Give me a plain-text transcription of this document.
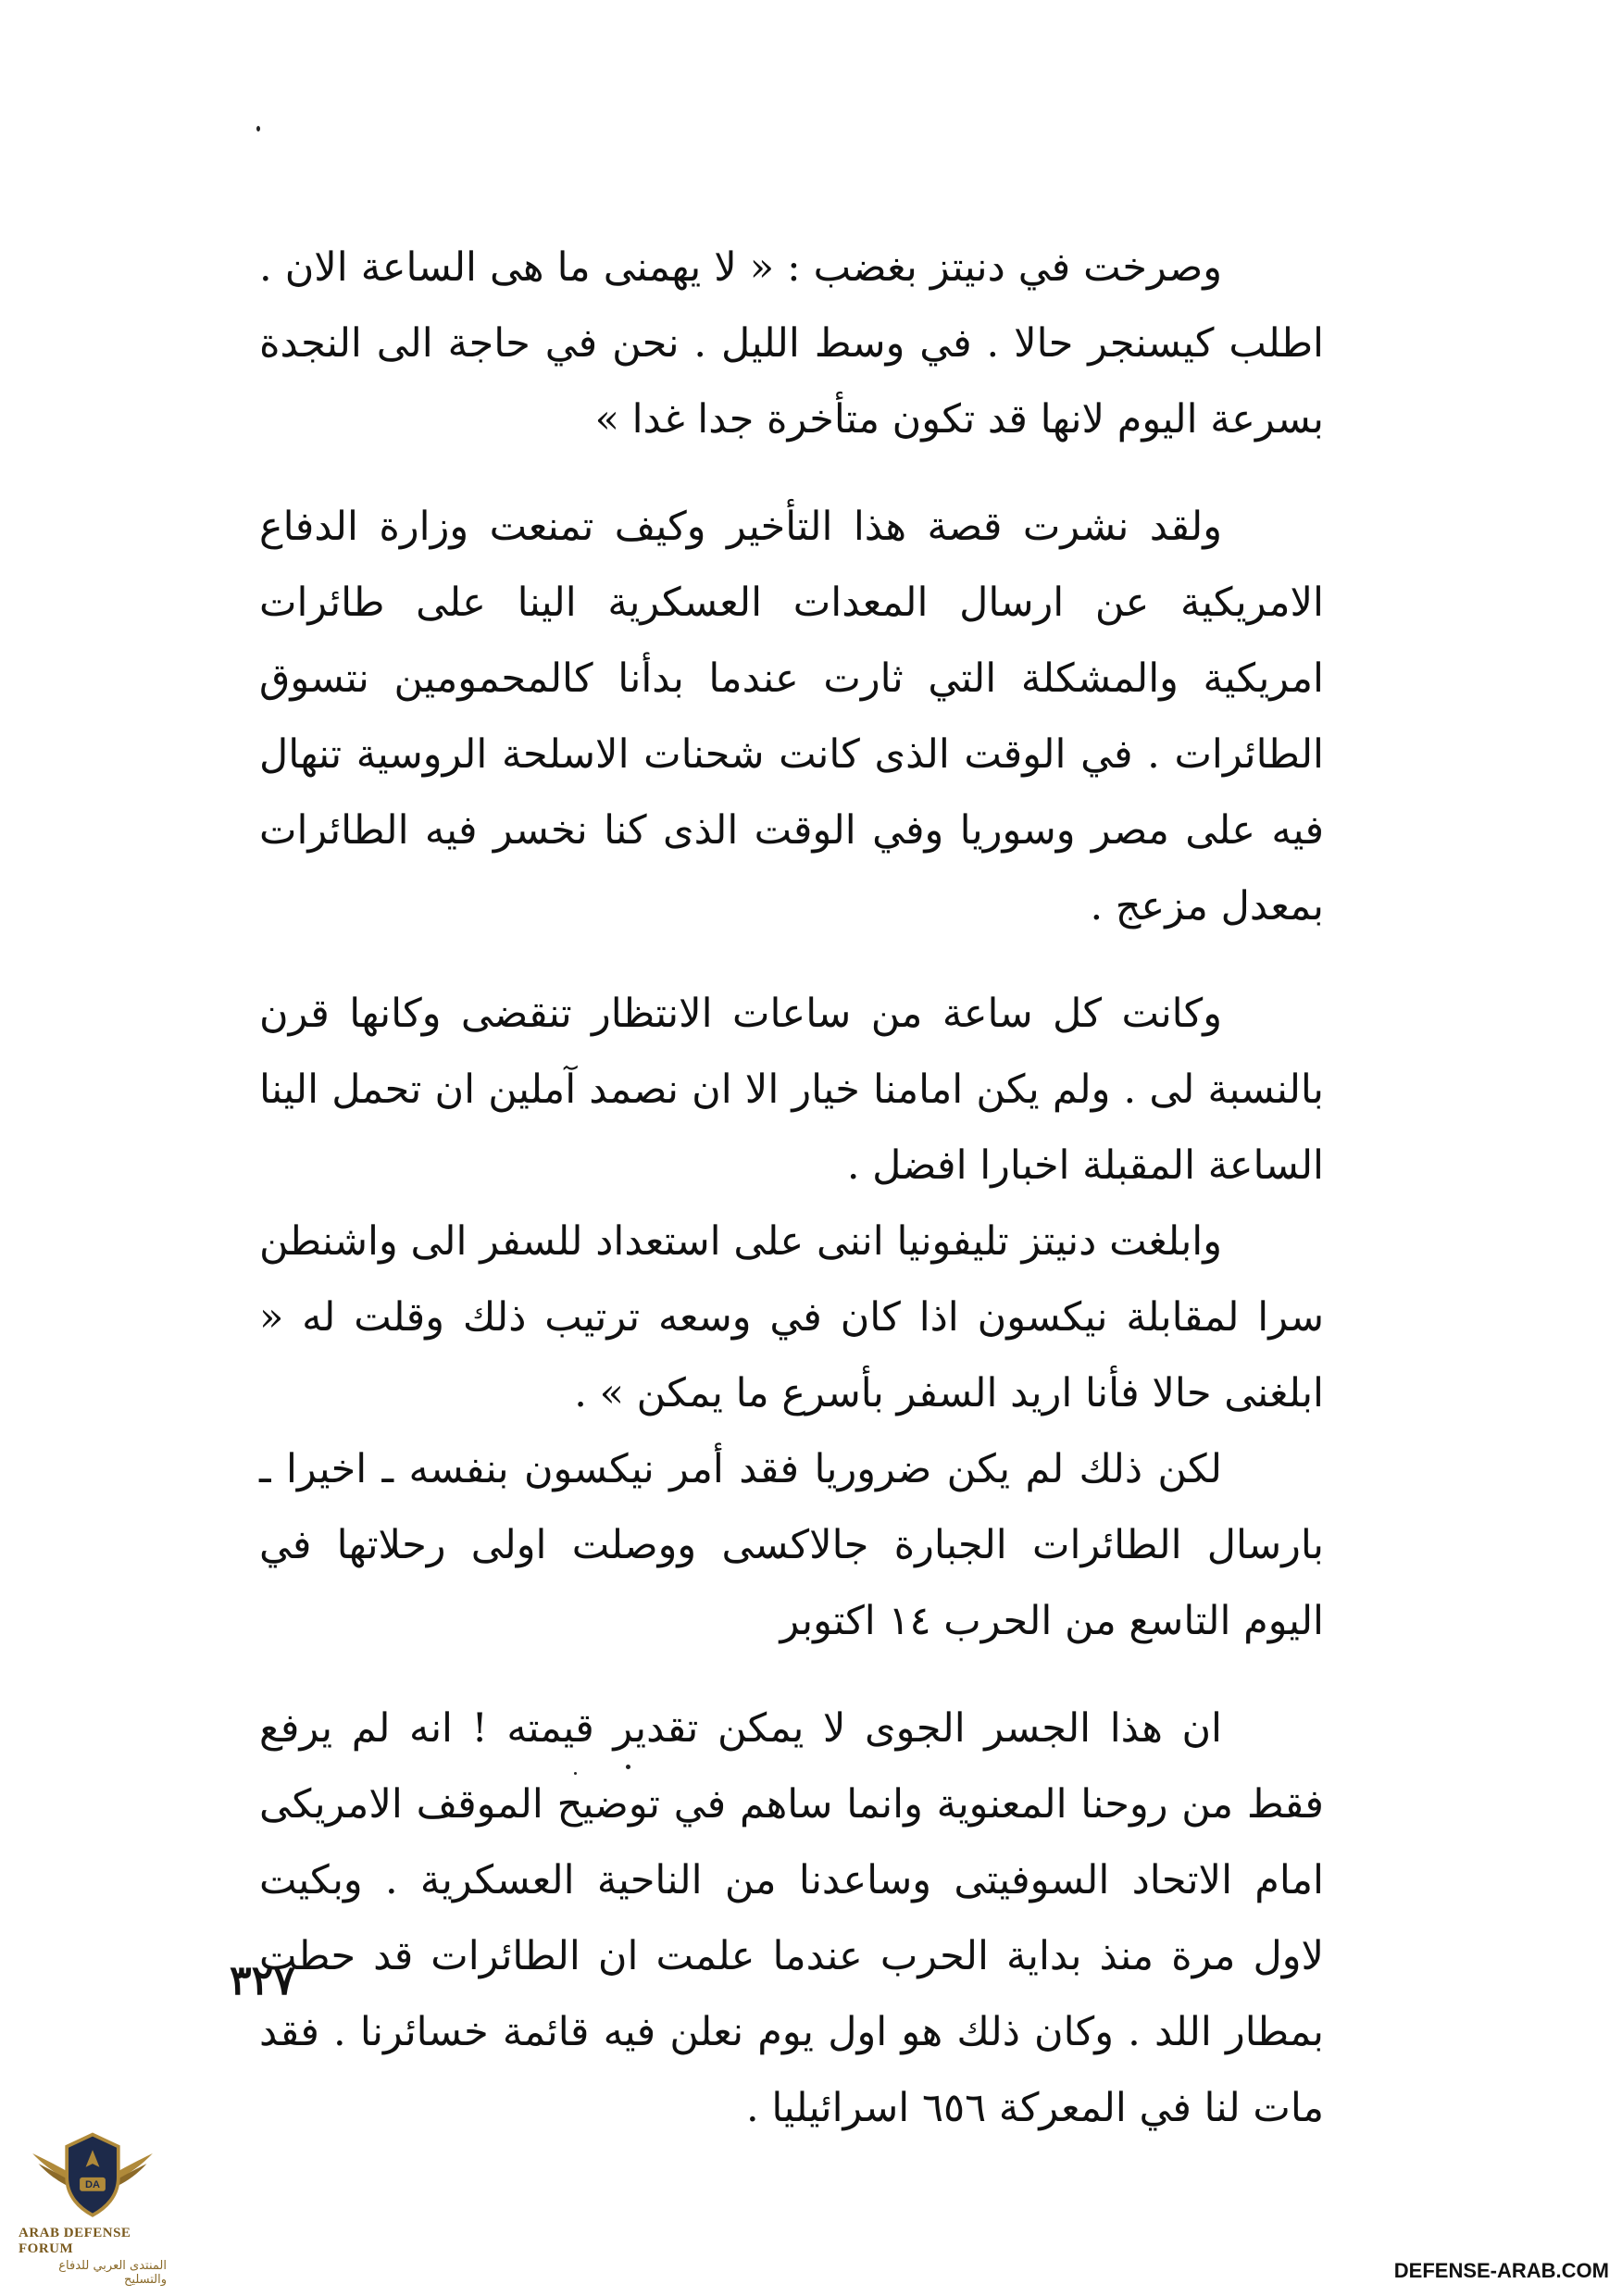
وصرخت في دنيتز بغضب : « لا يهمنى ما هى الساعة الان . اطلب كيسنجر حالا . في وسط الليل . نحن في حاجة الى النجدة بسرعة اليوم لانها قد تكون متأخرة جدا غدا »

ولقد نشرت قصة هذا التأخير وكيف تمنعت وزارة الدفاع الامريكية عن ارسال المعدات العسكرية الينا على طائرات امريكية والمشكلة التي ثارت عندما بدأنا كالمحمومين نتسوق الطائرات . في الوقت الذى كانت شحنات الاسلحة الروسية تنهال فيه على مصر وسوريا وفي الوقت الذى كنا نخسر فيه الطائرات بمعدل مزعج .

وكانت كل ساعة من ساعات الانتظار تنقضى وكانها قرن بالنسبة لى . ولم يكن امامنا خيار الا ان نصمد آملين ان تحمل الينا الساعة المقبلة اخبارا افضل .

وابلغت دنيتز تليفونيا اننى على استعداد للسفر الى واشنطن سرا لمقابلة نيكسون اذا كان في وسعه ترتيب ذلك وقلت له « ابلغنى حالا فأنا اريد السفر بأسرع ما يمكن » .

لكن ذلك لم يكن ضروريا فقد أمر نيكسون بنفسه ـ اخيرا ـ بارسال الطائرات الجبارة جالاكسى ووصلت اولى رحلاتها في اليوم التاسع من الحرب ١٤ اكتوبر

ان هذا الجسر الجوى لا يمكن تقدير قيمته ! انه لم يرفع فقط من روحنا المعنوية وانما ساهم في توضيح الموقف الامريكى امام الاتحاد السوفيتى وساعدنا من الناحية العسكرية . وبكيت لاول مرة منذ بداية الحرب عندما علمت ان الطائرات قد حطت بمطار اللد . وكان ذلك هو اول يوم نعلن فيه قائمة خسائرنا . فقد مات لنا في المعركة ٦٥٦ اسرائيليا .

٣٢٧
DA
ARAB DEFENSE FORUM
المنتدى العربي للدفاع والتسليح	DEFENSE-ARAB.COM
